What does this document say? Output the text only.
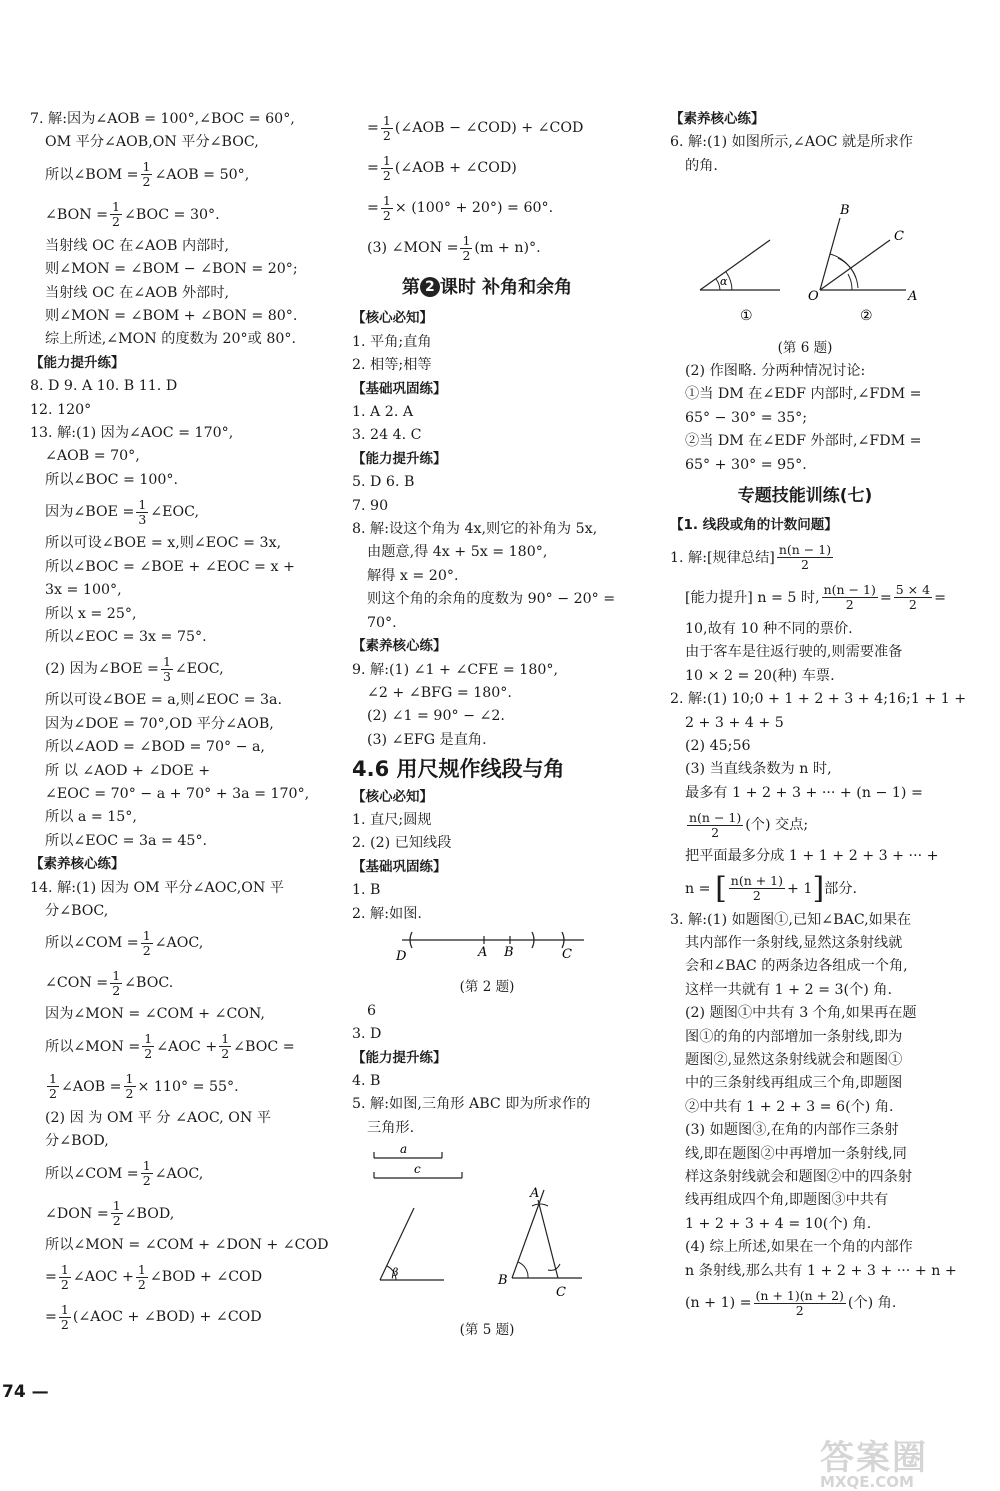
7. 解:因为∠AOB = 100°,∠BOC = 60°,
OM 平分∠AOB,ON 平分∠BOC,
所以∠BOM = $\frac{1}{2}$ ∠AOB = 50°,
∠BON = $\frac{1}{2}$ ∠BOC = 30°.
当射线 OC 在∠AOB 内部时,
则∠MON = ∠BOM − ∠BON = 20°;
当射线 OC 在∠AOB 外部时,
则∠MON = ∠BOM + ∠BON = 80°.
综上所述,∠MON 的度数为 20°或 80°.
【能力提升练】
8. D 9. A 10. B 11. D
12. 120°
13. 解:(1) 因为∠AOC = 170°,
∠AOB = 70°,
所以∠BOC = 100°.
因为∠BOE = $\frac{1}{3}$ ∠EOC,
所以可设∠BOE = x,则∠EOC = 3x,
所以∠BOC = ∠BOE + ∠EOC = x +
3x = 100°,
所以 x = 25°,
所以∠EOC = 3x = 75°.
(2) 因为∠BOE = $\frac{1}{3}$ ∠EOC,
所以可设∠BOE = a,则∠EOC = 3a.
因为∠DOE = 70°,OD 平分∠AOB,
所以∠AOD = ∠BOD = 70° − a,
所 以 ∠AOD + ∠DOE +
∠EOC = 70° − a + 70° + 3a = 170°,
所以 a = 15°,
所以∠EOC = 3a = 45°.
【素养核心练】
14. 解:(1) 因为 OM 平分∠AOC,ON 平
分∠BOC,
所以∠COM = $\frac{1}{2}$ ∠AOC,
∠CON = $\frac{1}{2}$ ∠BOC.
因为∠MON = ∠COM + ∠CON,
所以∠MON = $\frac{1}{2}$ ∠AOC + $\frac{1}{2}$ ∠BOC =
$\frac{1}{2}$ ∠AOB = $\frac{1}{2} \times 110^\circ = 55^\circ$.
(2) 因 为 OM 平 分 ∠AOC, ON 平
分∠BOD,
所以∠COM = $\frac{1}{2}$ ∠AOC,
∠DON = $\frac{1}{2}$ ∠BOD,
所以∠MON = ∠COM + ∠DON + ∠COD
= $\frac{1}{2}$ ∠AOC + $\frac{1}{2}$ ∠BOD + ∠COD
= $\frac{1}{2}$ (∠AOC + ∠BOD) + ∠COD
= $\frac{1}{2}$ (∠AOB − ∠COD) + ∠COD
= $\frac{1}{2}$ (∠AOB + ∠COD)
= $\frac{1}{2} \times (100^\circ + 20^\circ) = 60^\circ$.
(3) ∠MON = $\frac{1}{2} (m + n)^\circ$.
第 2 课时 补角和余角
【核心必知】
1. 平角;直角
2. 相等;相等
【基础巩固练】
1. A 2. A
3. 24 4. C
【能力提升练】
5. D 6. B
7. 90
8. 解:设这个角为 4x,则它的补角为 5x,
由题意,得 4x + 5x = 180°,
解得 x = 20°.
则这个角的余角的度数为 90° − 20° =
70°.
【素养核心练】
9. 解:(1) ∠1 + ∠CFE = 180°,
∠2 + ∠BFG = 180°.
(2) ∠1 = 90° − ∠2.
(3) ∠EFG 是直角.
4.6 用尺规作线段与角
【核心必知】
1. 直尺;圆规
2. (2) 已知线段
【基础巩固练】
1. B
2. 解:如图.
D	A B	C
(第 2 题)
6
3. D
【能力提升练】
4. B
5. 解:如图,三角形 ABC 即为所求作的
三角形.
a
c
β
A
B
C
(第 5 题)
【素养核心练】
6. 解:(1) 如图所示,∠AOC 就是所求作
的角.
α
B
C
O	A
①	②
(第 6 题)
(2) 作图略. 分两种情况讨论:
①当 DM 在∠EDF 内部时,∠FDM =
65° − 30° = 35°;
②当 DM 在∠EDF 外部时,∠FDM =
65° + 30° = 95°.
专题技能训练(七)
【1. 线段或角的计数问题】
1. 解:[规律总结] $\frac{n(n - 1)}{2}$
[能力提升] n = 5 时, $\frac{n(n - 1)}{2} = \frac{5 \times 4}{2}$ =
10,故有 10 种不同的票价.
由于客车是往返行驶的,则需要准备
10 × 2 = 20(种) 车票.
2. 解:(1) 10;0 + 1 + 2 + 3 + 4;16;1 + 1 +
2 + 3 + 4 + 5
(2) 45;56
(3) 当直线条数为 n 时,
最多有 1 + 2 + 3 + ··· + (n − 1) =
$\frac{n(n - 1)}{2}$ (个) 交点;
把平面最多分成 1 + 1 + 2 + 3 + ··· +
n = [ $\frac{n(n + 1)}{2} + 1$]部分.
3. 解:(1) 如题图①,已知∠BAC,如果在
其内部作一条射线,显然这条射线就
会和∠BAC 的两条边各组成一个角,
这样一共就有 1 + 2 = 3(个) 角.
(2) 题图①中共有 3 个角,如果再在题
图①的角的内部增加一条射线,即为
题图②,显然这条射线就会和题图①
中的三条射线再组成三个角,即题图
②中共有 1 + 2 + 3 = 6(个) 角.
(3) 如题图③,在角的内部作三条射
线,即在题图②中再增加一条射线,同
样这条射线就会和题图②中的四条射
线再组成四个角,即题图③中共有
1 + 2 + 3 + 4 = 10(个) 角.
(4) 综上所述,如果在一个角的内部作
n 条射线,那么共有 1 + 2 + 3 + ··· + n +
$(n + 1) = \frac{(n + 1)(n + 2)}{2}$ (个) 角.
74 —
答案圈
MXQE.COM
